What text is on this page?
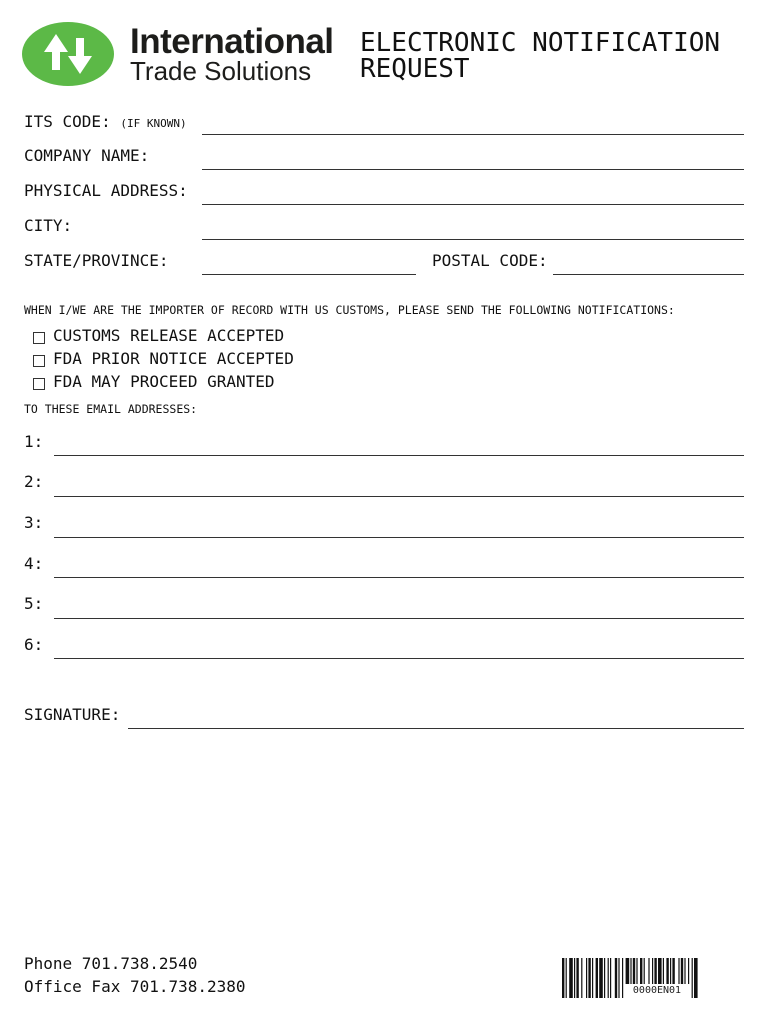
International
Trade Solutions
ELECTRONIC NOTIFICATION REQUEST
ITS CODE: (IF KNOWN)
COMPANY NAME:
PHYSICAL ADDRESS:
CITY:
STATE/PROVINCE:	POSTAL CODE:
WHEN I/WE ARE THE IMPORTER OF RECORD WITH US CUSTOMS, PLEASE SEND THE FOLLOWING NOTIFICATIONS:
CUSTOMS RELEASE ACCEPTED
FDA PRIOR NOTICE ACCEPTED
FDA MAY PROCEED GRANTED
TO THESE EMAIL ADDRESSES:
1:
2:
3:
4:
5:
6:
SIGNATURE:
Phone 701.738.2540
Office Fax 701.738.2380	0000EN01
